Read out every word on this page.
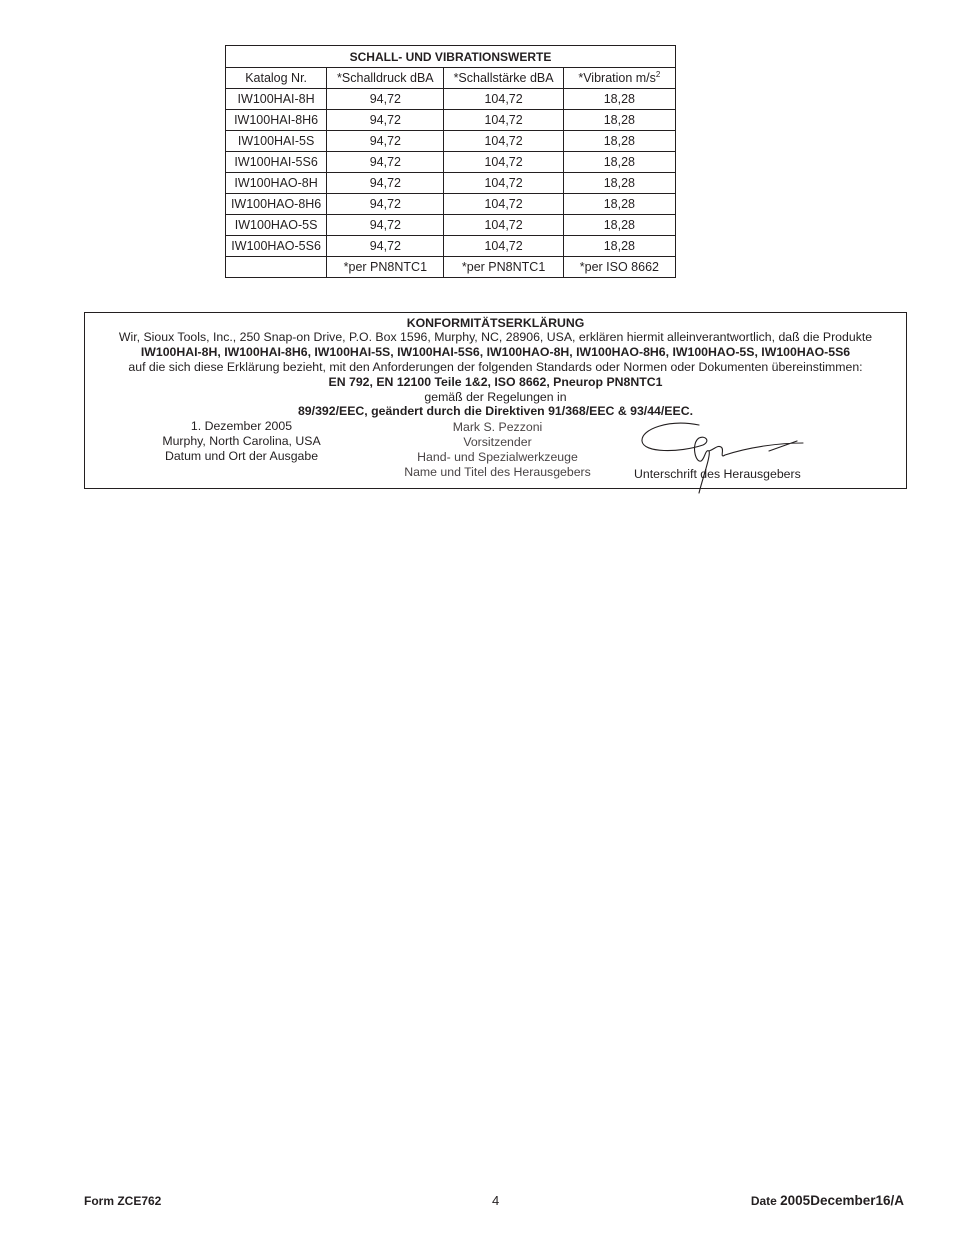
SCHALL- UND VIBRATIONSWERTE			
Katalog Nr.	*Schalldruck dBA	*Schallstärke dBA	*Vibration $m/s^2$
IW100HAI-8H	94,72	104,72	18,28
IW100HAI-8H6	94,72	104,72	18,28
IW100HAI-5S	94,72	104,72	18,28
IW100HAI-5S6	94,72	104,72	18,28
IW100HAO-8H	94,72	104,72	18,28
IW100HAO-8H6	94,72	104,72	18,28
IW100HAO-5S	94,72	104,72	18,28
IW100HAO-5S6	94,72	104,72	18,28
	*per PN8NTC1	*per PN8NTC1	*per ISO 8662
KONFORMITÄTSERKLÄRUNG
Wir, Sioux Tools, Inc., 250 Snap-on Drive, P.O. Box 1596, Murphy, NC, 28906, USA, erklären hiermit alleinverantwortlich, daß die Produkte
IW100HAI-8H, IW100HAI-8H6, IW100HAI-5S, IW100HAI-5S6, IW100HAO-8H, IW100HAO-8H6, IW100HAO-5S, IW100HAO-5S6
auf die sich diese Erklärung bezieht, mit den Anforderungen der folgenden Standards oder Normen oder Dokumenten übereinstimmen:
EN 792, EN 12100 Teile 1&2, ISO 8662, Pneurop PN8NTC1
gemäß der Regelungen in
89/392/EEC, geändert durch die Direktiven 91/368/EEC & 93/44/EEC.
1. Dezember 2005
Murphy, North Carolina, USA
Datum und Ort der Ausgabe
Mark S. Pezzoni
Vorsitzender
Hand- und Spezialwerkzeuge
Name und Titel des Herausgebers	Unterschrift des Herausgebers
Form ZCE762	4	Date 2005December16/A
